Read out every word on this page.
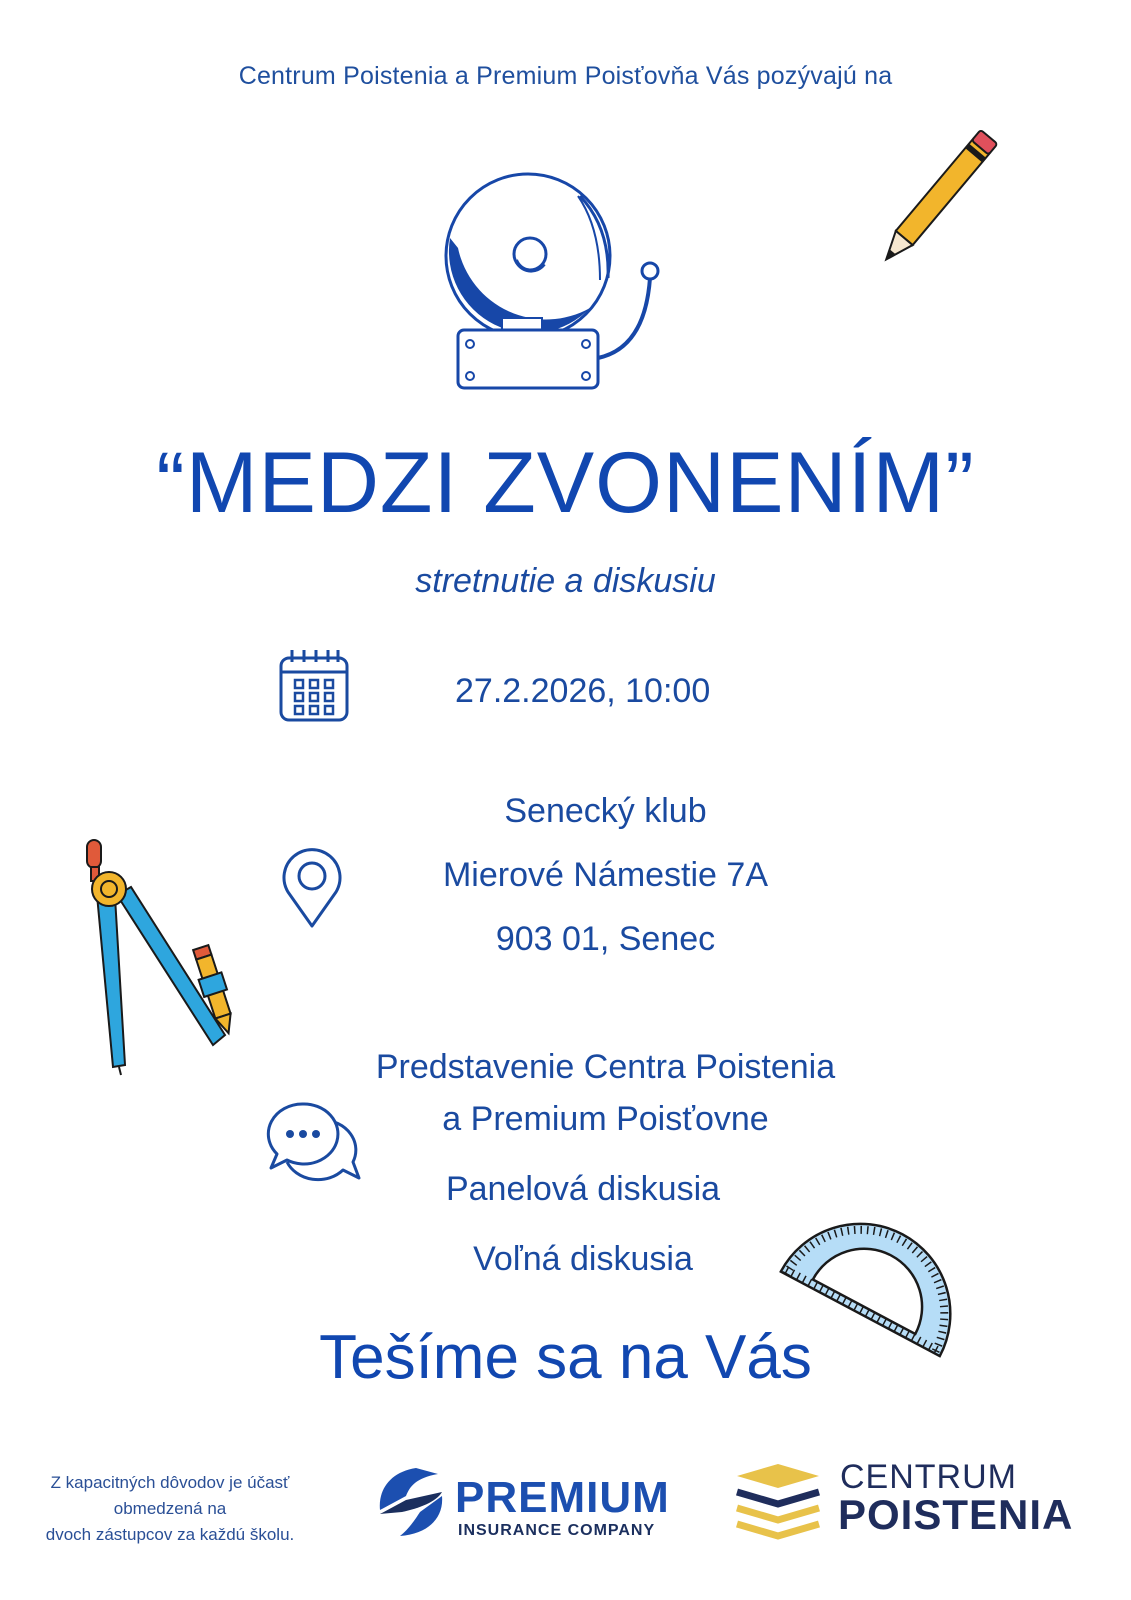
Centrum Poistenia a Premium Poisťovňa Vás pozývajú na
“MEDZI ZVONENÍM”
stretnutie a diskusiu
27.2.2026, 10:00
Senecký klub
Mierové Námestie 7A
903 01, Senec
Predstavenie Centra Poistenia
a Premium Poisťovne
Panelová diskusia
Voľná diskusia
Tešíme sa na Vás
Z kapacitných dôvodov je účasť
obmedzená na
dvoch zástupcov za každú školu.
PREMIUM
INSURANCE COMPANY
CENTRUM
POISTENIA
